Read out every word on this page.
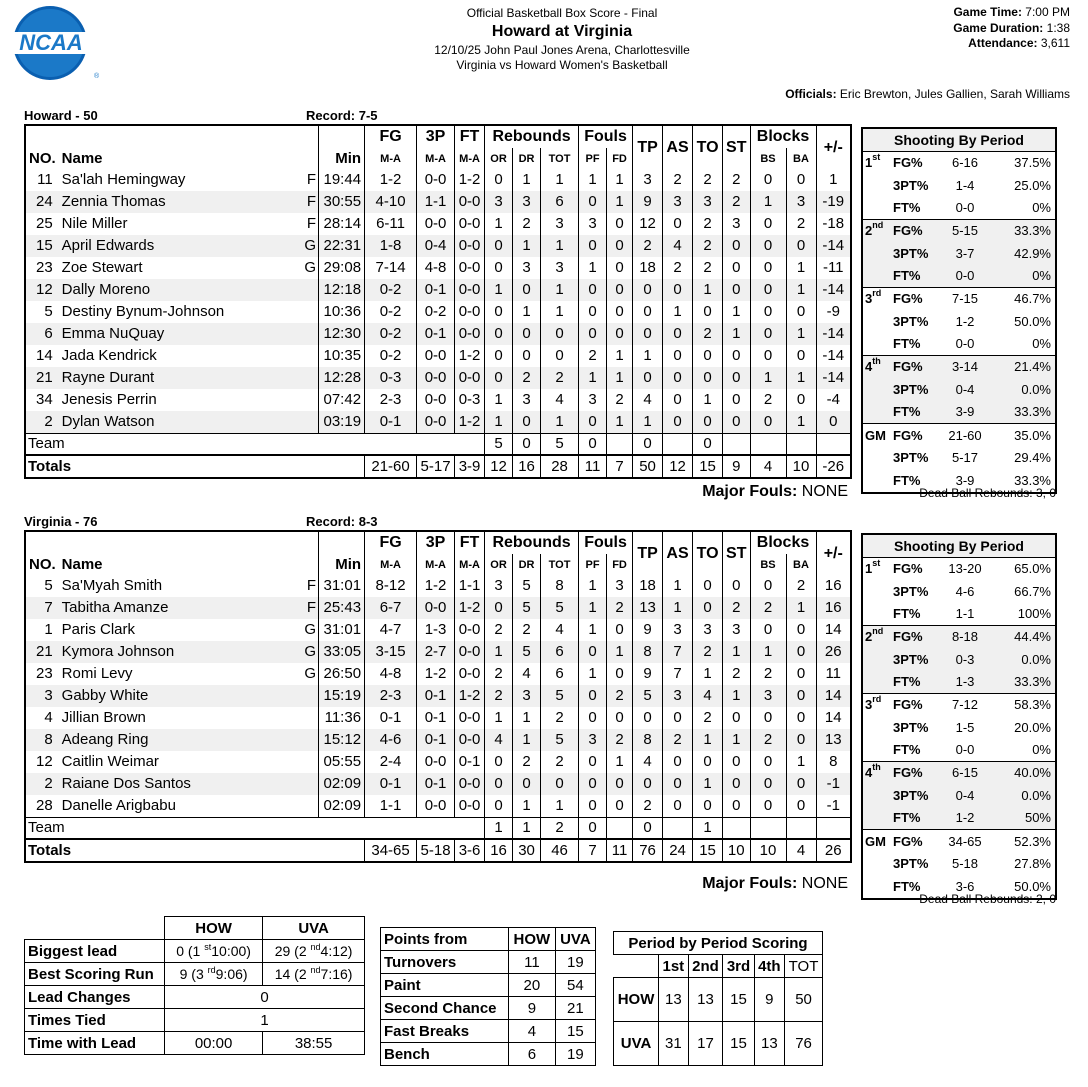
NCAA
®
Official Basketball Box Score - Final
Howard at Virginia
12/10/25 John Paul Jones Arena, Charlottesville
Virginia vs Howard Women's Basketball
Game Time: 7:00 PM
Game Duration: 1:38
Attendance: 3,611
Officials: Eric Brewton, Jules Gallien, Sarah Williams
Howard - 50	Record: 7-5
				FG	3P	FT	Rebounds			Fouls		TP	AS	TO	ST	Blocks		+/-
NO.	Name		Min	M-A	M-A	M-A	OR	DR	TOT	PF	FD					BS	BA	
11	Sa'lah Hemingway	F	19:44	1-2	0-0	1-2	0	1	1	1	1	3	2	2	2	0	0	1
24	Zennia Thomas	F	30:55	4-10	1-1	0-0	3	3	6	0	1	9	3	3	2	1	3	-19
25	Nile Miller	F	28:14	6-11	0-0	0-0	1	2	3	3	0	12	0	2	3	0	2	-18
15	April Edwards	G	22:31	1-8	0-4	0-0	0	1	1	0	0	2	4	2	0	0	0	-14
23	Zoe Stewart	G	29:08	7-14	4-8	0-0	0	3	3	1	0	18	2	2	0	0	1	-11
12	Dally Moreno		12:18	0-2	0-1	0-0	1	0	1	0	0	0	0	1	0	0	1	-14
5	Destiny Bynum-Johnson		10:36	0-2	0-2	0-0	0	1	1	0	0	0	1	0	1	0	0	-9
6	Emma NuQuay		12:30	0-2	0-1	0-0	0	0	0	0	0	0	0	2	1	0	1	-14
14	Jada Kendrick		10:35	0-2	0-0	1-2	0	0	0	2	1	1	0	0	0	0	0	-14
21	Rayne Durant		12:28	0-3	0-0	0-0	0	2	2	1	1	0	0	0	0	1	1	-14
34	Jenesis Perrin		07:42	2-3	0-0	0-3	1	3	4	3	2	4	0	1	0	2	0	-4
2	Dylan Watson		03:19	0-1	0-0	1-2	1	0	1	0	1	1	0	0	0	0	1	0
Team							5	0	5	0		0		0				
Totals				21-60	5-17	3-9	12	16	28	11	7	50	12	15	9	4	10	-26
Major Fouls: NONE
Shooting By Period			
1st	FG%	6-16	37.5%
	3PT%	1-4	25.0%
	FT%	0-0	0%
2nd	FG%	5-15	33.3%
	3PT%	3-7	42.9%
	FT%	0-0	0%
3rd	FG%	7-15	46.7%
	3PT%	1-2	50.0%
	FT%	0-0	0%
4th	FG%	3-14	21.4%
	3PT%	0-4	0.0%
	FT%	3-9	33.3%
GM	FG%	21-60	35.0%
	3PT%	5-17	29.4%
	FT%	3-9	33.3%
Dead Ball Rebounds: 3, 0
Virginia - 76	Record: 8-3
				FG	3P	FT	Rebounds			Fouls		TP	AS	TO	ST	Blocks		+/-
NO.	Name		Min	M-A	M-A	M-A	OR	DR	TOT	PF	FD					BS	BA	
5	Sa'Myah Smith	F	31:01	8-12	1-2	1-1	3	5	8	1	3	18	1	0	0	0	2	16
7	Tabitha Amanze	F	25:43	6-7	0-0	1-2	0	5	5	1	2	13	1	0	2	2	1	16
1	Paris Clark	G	31:01	4-7	1-3	0-0	2	2	4	1	0	9	3	3	3	0	0	14
21	Kymora Johnson	G	33:05	3-15	2-7	0-0	1	5	6	0	1	8	7	2	1	1	0	26
23	Romi Levy	G	26:50	4-8	1-2	0-0	2	4	6	1	0	9	7	1	2	2	0	11
3	Gabby White		15:19	2-3	0-1	1-2	2	3	5	0	2	5	3	4	1	3	0	14
4	Jillian Brown		11:36	0-1	0-1	0-0	1	1	2	0	0	0	0	2	0	0	0	14
8	Adeang Ring		15:12	4-6	0-1	0-0	4	1	5	3	2	8	2	1	1	2	0	13
12	Caitlin Weimar		05:55	2-4	0-0	0-1	0	2	2	0	1	4	0	0	0	0	1	8
2	Raiane Dos Santos		02:09	0-1	0-1	0-0	0	0	0	0	0	0	0	1	0	0	0	-1
28	Danelle Arigbabu		02:09	1-1	0-0	0-0	0	1	1	0	0	2	0	0	0	0	0	-1
Team							1	1	2	0		0		1				
Totals				34-65	5-18	3-6	16	30	46	7	11	76	24	15	10	10	4	26
Major Fouls: NONE
Shooting By Period			
1st	FG%	13-20	65.0%
	3PT%	4-6	66.7%
	FT%	1-1	100%
2nd	FG%	8-18	44.4%
	3PT%	0-3	0.0%
	FT%	1-3	33.3%
3rd	FG%	7-12	58.3%
	3PT%	1-5	20.0%
	FT%	0-0	0%
4th	FG%	6-15	40.0%
	3PT%	0-4	0.0%
	FT%	1-2	50%
GM	FG%	34-65	52.3%
	3PT%	5-18	27.8%
	FT%	3-6	50.0%
Dead Ball Rebounds: 2, 0
	HOW	UVA
Biggest lead	0 (1 $^{st}$10:00)	29 (2 $^{nd}$4:12)
Best Scoring Run	9 (3 $^{rd}$9:06)	14 (2 $^{nd}$7:16)
Lead Changes	0	
Times Tied	1	
Time with Lead	00:00	38:55
Points from	HOW	UVA
Turnovers	11	19
Paint	20	54
Second Chance	9	21
Fast Breaks	4	15
Bench	6	19
Period by Period Scoring					
	1st	2nd	3rd	4th	TOT
HOW	13	13	15	9	50
UVA	31	17	15	13	76
